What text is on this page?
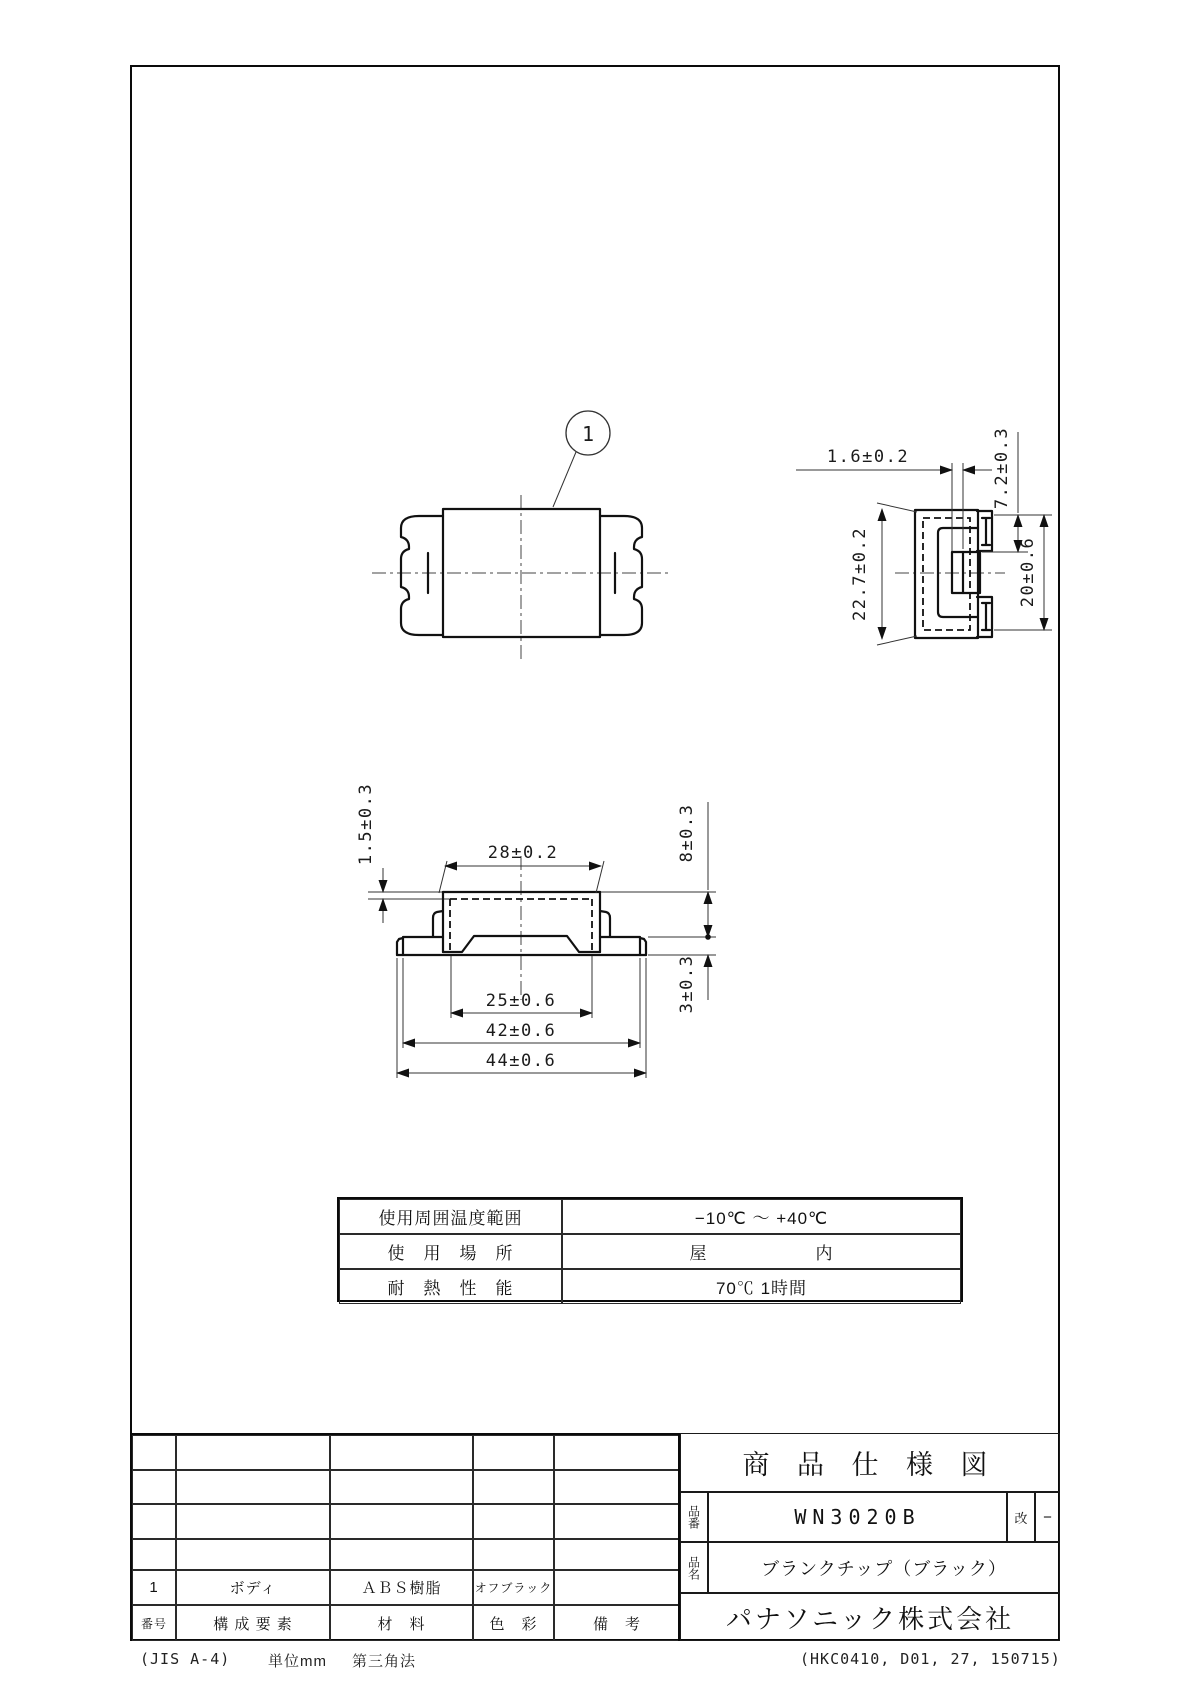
1
22.7±0.2
1.6±0.2	7.2±0.3
20±0.6
1.5±0.3	28±0.2	8±0.3
3±0.3
25±0.6
42±0.6
44±0.6
使用周囲温度範囲	−10℃ ～ +40℃
使　用　場　所	屋　　　　　　内
耐　熱　性　能	70℃ 1時間
1	ボディ	ＡＢＳ樹脂	オフブラック
番号	構 成 要 素	材　料	色　彩	備　考
商 品 仕 様 図
品番	WN3020B	改	−
品名	ブランクチップ（ブラック）
パナソニック株式会社
(JIS A-4)	単位mm 第三角法	(HKC0410, D01, 27, 150715)
